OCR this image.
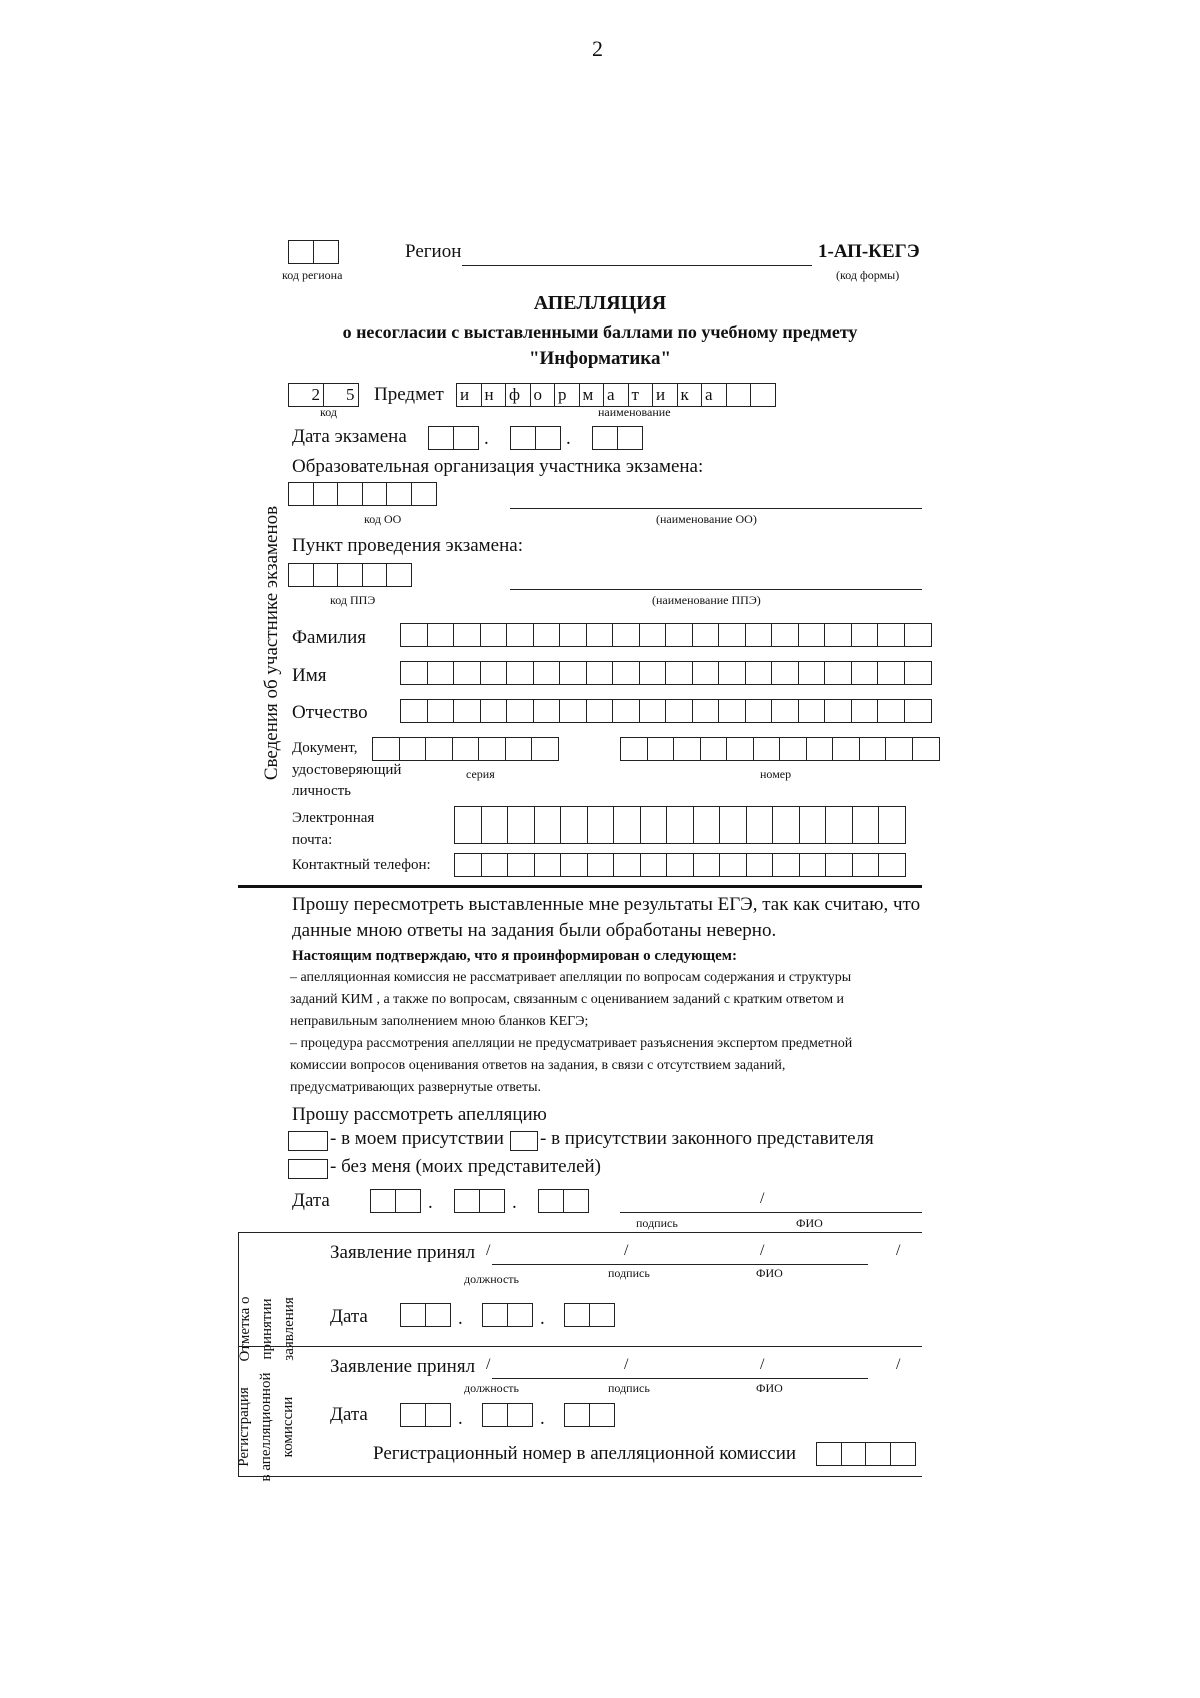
2
код региона
Регион	1-АП-КЕГЭ
(код формы)
АПЕЛЛЯЦИЯ
о несогласии с выставленными баллами по учебному предмету
"Информатика"
Сведения об участнике экзаменов
2	5 Предмет и н ф о р м а т	и к а
код	наименование
Дата экзамена	.	.
Образовательная организация участника экзамена:
код ОО	(наименование ОО)
Пункт проведения экзамена:
код ППЭ	(наименование ППЭ)
Фамилия
Имя
Отчество
Документ,
удостоверяющий
личность
серия	номер
Электронная
почта:
Контактный телефон:
Прошу пересмотреть выставленные мне результаты ЕГЭ, так как считаю, что
данные мною ответы на задания были обработаны неверно.
Настоящим подтверждаю, что я проинформирован о следующем:
– апелляционная комиссия не рассматривает апелляции по вопросам содержания и структуры
заданий КИМ , а также по вопросам, связанным с оцениванием заданий с кратким ответом и
неправильным заполнением мною бланков КЕГЭ;
– процедура рассмотрения апелляции не предусматривает разъяснения экспертом предметной
комиссии вопросов оценивания ответов на задания, в связи с отсутствием заданий,
предусматривающих развернутые ответы.
Прошу рассмотреть апелляцию
- в моем присутствии - в присутствии законного представителя
- без меня (моих представителей)
Дата	.	.	/
подпись	ФИО
Отметка о принятии заявления
Заявление принял /	/	/	/
должность	подпись	ФИО
Дата	.	.
Регистрация в апелляционной комиссии
Заявление принял /	/	/	/
должность	подпись	ФИО
Дата	.	.
Регистрационный номер в апелляционной комиссии
